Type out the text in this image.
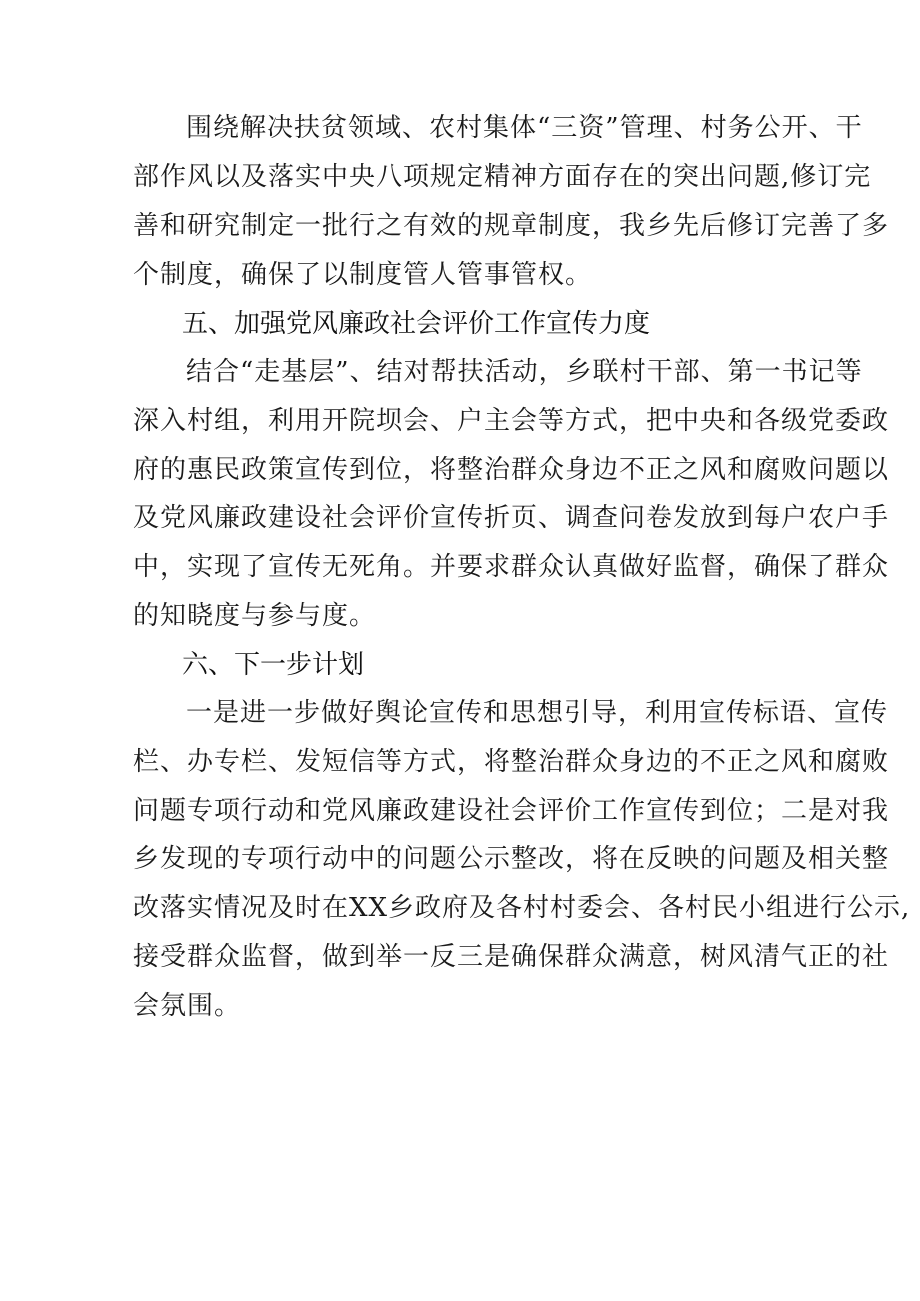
围绕解决扶贫领域、农村集体“三资”管理、村务公开、干
部作风以及落实中央八项规定精神方面存在的突出问题,修订完
善和研究制定一批行之有效的规章制度，我乡先后修订完善了多
个制度，确保了以制度管人管事管权。
五、加强党风廉政社会评价工作宣传力度
结合“走基层”、结对帮扶活动，乡联村干部、第一书记等
深入村组，利用开院坝会、户主会等方式，把中央和各级党委政
府的惠民政策宣传到位，将整治群众身边不正之风和腐败问题以
及党风廉政建设社会评价宣传折页、调查问卷发放到每户农户手
中，实现了宣传无死角。并要求群众认真做好监督，确保了群众
的知晓度与参与度。
六、下一步计划
一是进一步做好舆论宣传和思想引导，利用宣传标语、宣传
栏、办专栏、发短信等方式，将整治群众身边的不正之风和腐败
问题专项行动和党风廉政建设社会评价工作宣传到位；二是对我
乡发现的专项行动中的问题公示整改，将在反映的问题及相关整
改落实情况及时在XX乡政府及各村村委会、各村民小组进行公示,
接受群众监督，做到举一反三是确保群众满意，树风清气正的社
会氛围。
